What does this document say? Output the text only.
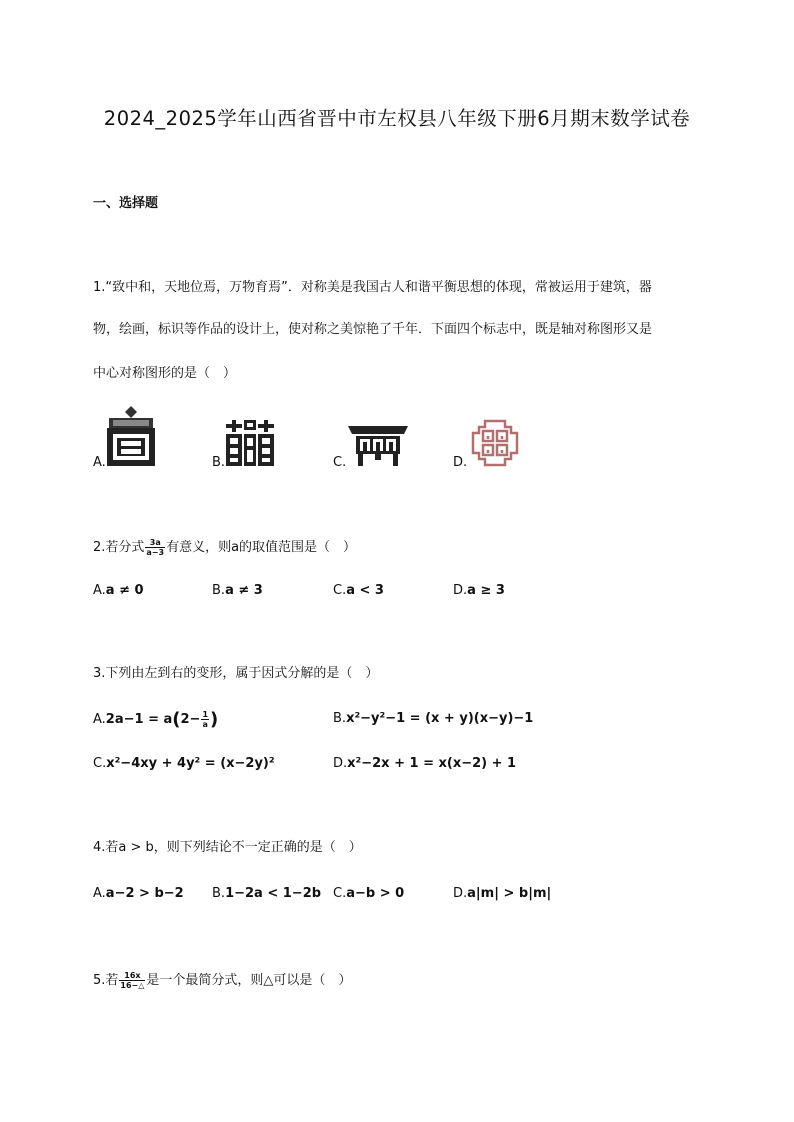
2024_2025学年山西省晋中市左权县八年级下册6月期末数学试卷
一、选择题
1.“致中和，天地位焉，万物育焉”．对称美是我国古人和谐平衡思想的体现，常被运用于建筑，器
物，绘画，标识等作品的设计上，使对称之美惊艳了千年．下面四个标志中，既是轴对称图形又是
中心对称图形的是（　）
A.	B.	C.	D.
2.若分式 $\frac{3a}{a-3}$ 有意义，则a的取值范围是（　）
A.a ≠ 0	B.a ≠ 3	C.a < 3	D.a ≥ 3
3.下列由左到右的变形，属于因式分解的是（　）
$A.2a-1 = a(2- \frac{1}{a}$ )	B.x²−y²−1 = (x + y)(x−y)−1
C.x²−4xy + 4y² = (x−2y)²	D.x²−2x + 1 = x(x−2) + 1
4.若a > b，则下列结论不一定正确的是（　）
A.a−2 > b−2 B.1−2a < 1−2b C.a−b > 0	D.a|m| > b|m|
5.若 $\frac{16x}{16-\triangle}$ 是一个最简分式，则△可以是（　）
